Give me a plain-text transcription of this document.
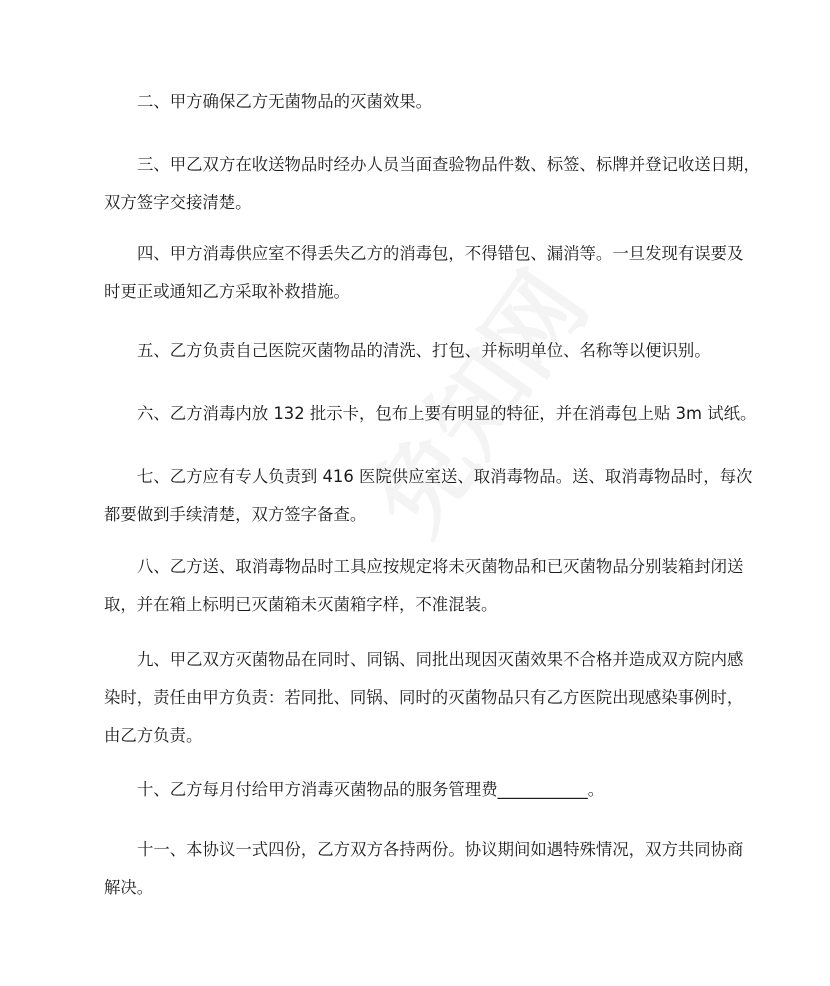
二、甲方确保乙方无菌物品的灭菌效果。
三、甲乙双方在收送物品时经办人员当面查验物品件数、标签、标牌并登记收送日期，
双方签字交接清楚。
四、甲方消毒供应室不得丢失乙方的消毒包，不得错包、漏消等。一旦发现有误要及
时更正或通知乙方采取补救措施。
五、乙方负责自己医院灭菌物品的清洗、打包、并标明单位、名称等以便识别。
六、乙方消毒内放 132 批示卡，包布上要有明显的特征，并在消毒包上贴 3m 试纸。
七、乙方应有专人负责到 416 医院供应室送、取消毒物品。送、取消毒物品时，每次
都要做到手续清楚，双方签字备查。
八、乙方送、取消毒物品时工具应按规定将未灭菌物品和已灭菌物品分别装箱封闭送
取，并在箱上标明已灭菌箱未灭菌箱字样，不准混装。
九、甲乙双方灭菌物品在同时、同锅、同批出现因灭菌效果不合格并造成双方院内感
染时，责任由甲方负责：若同批、同锅、同时的灭菌物品只有乙方医院出现感染事例时，
由乙方负责。
十、乙方每月付给甲方消毒灭菌物品的服务管理费___________。
十一、本协议一式四份，乙方双方各持两份。协议期间如遇特殊情况，双方共同协商
解决。
